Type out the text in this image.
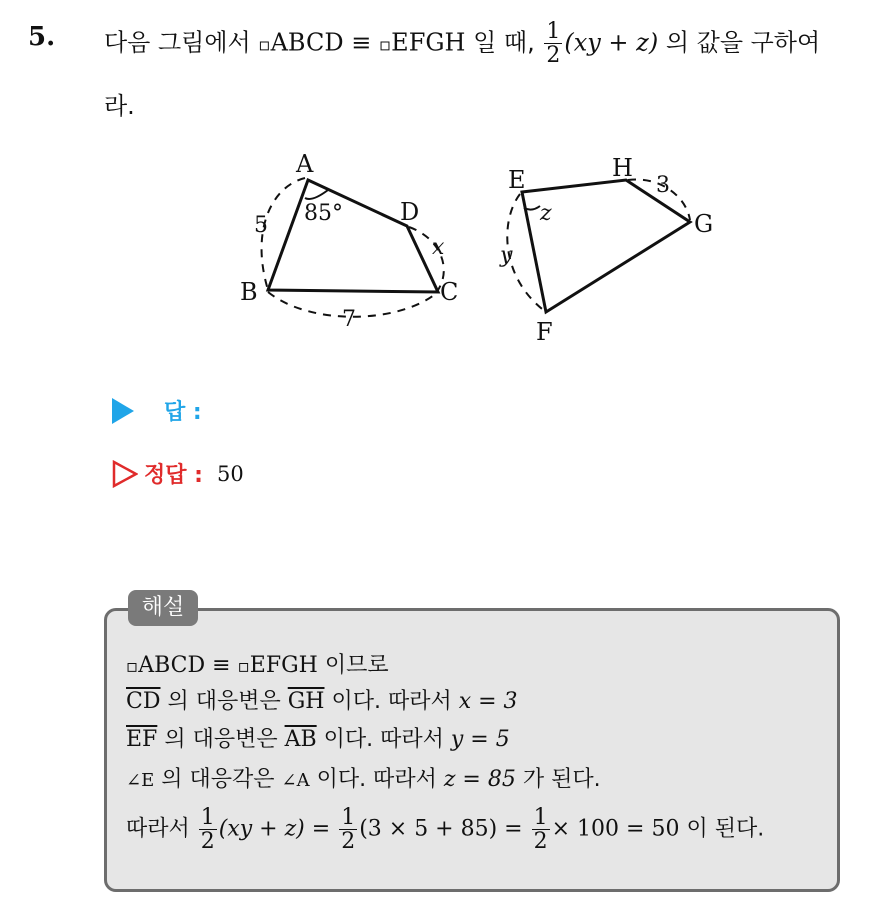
5. 다음 그림에서 ▫ABCD ≡ ▫EFGH 일 때, $\frac{1}{2} (xy + z)$ 의 값을 구하여
라.
A
B	C
D
85°
5
7
x
E
F
G
H
z
y
3
답 :
정답 : 50
해설
▫ABCD ≡ ▫EFGH 이므로
$\overline{CD}$ 의 대응변은 $\overline{GH}$ 이다. 따라서 x = 3
$\overline{EF}$ 의 대응변은 $\overline{AB}$ 이다. 따라서 y = 5
∠E 의 대응각은 ∠A 이다. 따라서 z = 85 가 된다.
따라서 $\frac{1}{2} (xy + z) = \frac{1}{2} (3 \times 5 + 85) = \frac{1}{2} \times 100 = 50$ 이 된다.
